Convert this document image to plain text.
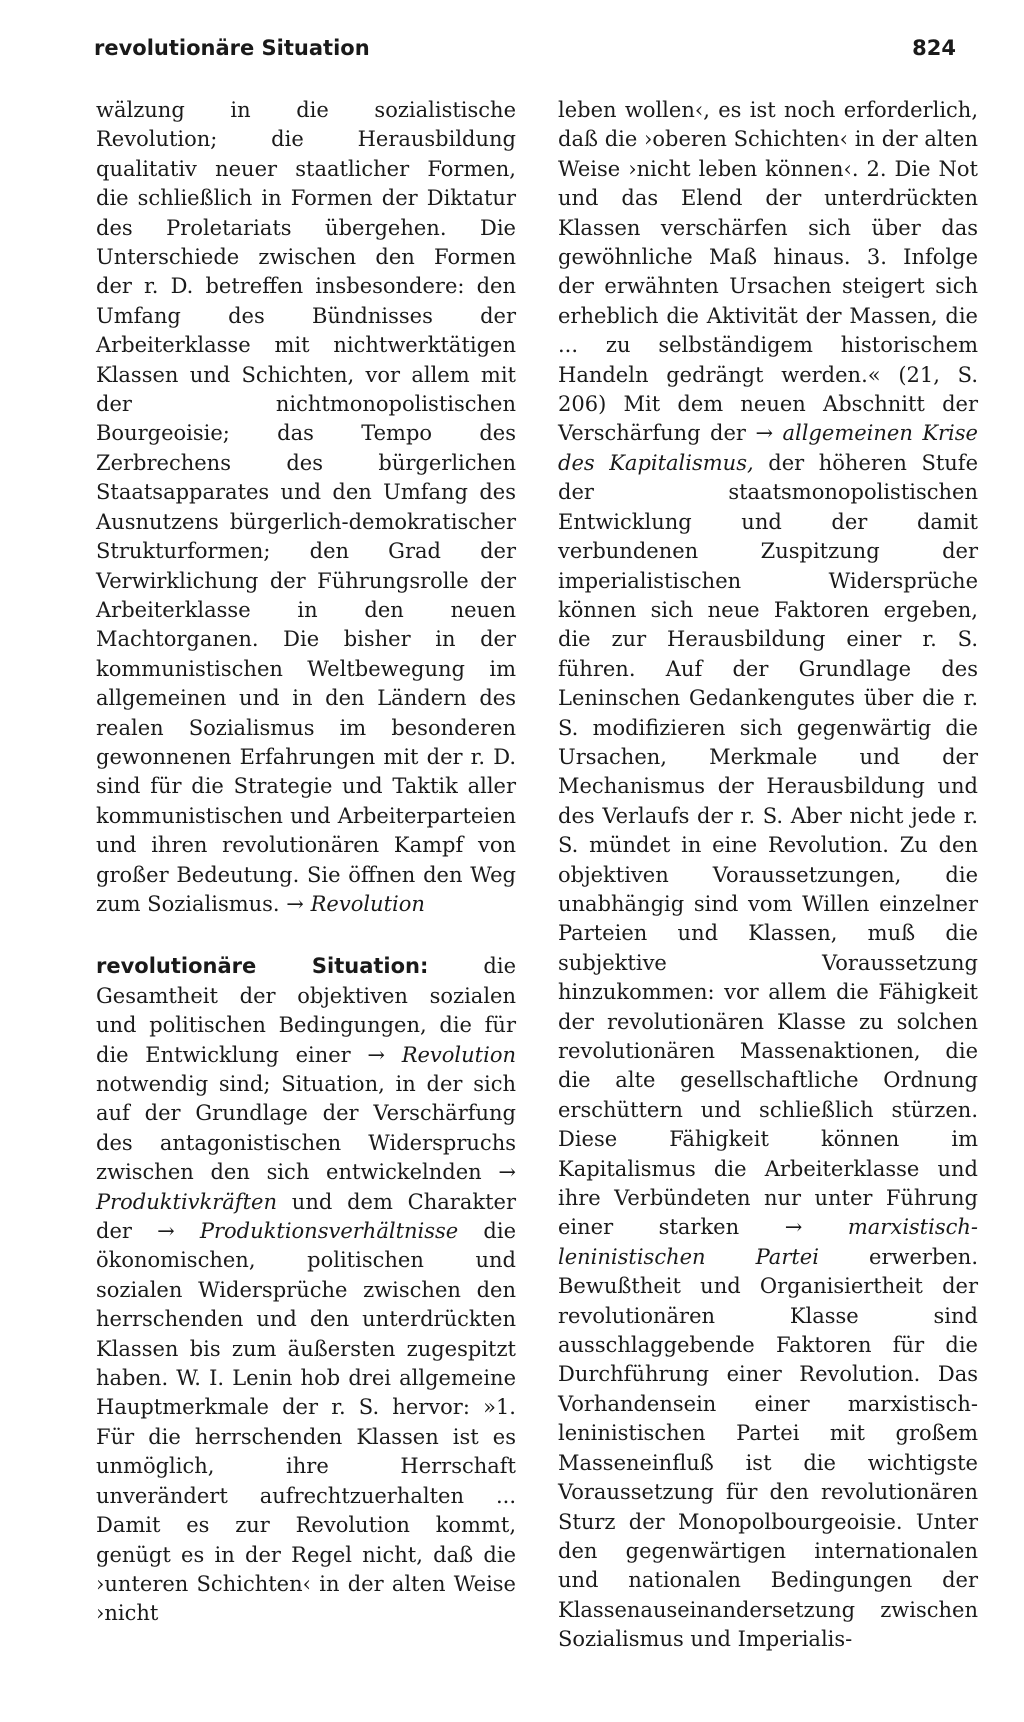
revolutionäre Situation	824

wälzung in die sozialistische Revolution; die Herausbildung qualitativ neuer staatlicher Formen, die schließlich in Formen der Diktatur des Proletariats übergehen. Die Unterschiede zwischen den Formen der r. D. betreffen insbesondere: den Umfang des Bündnisses der Arbeiterklasse mit nichtwerktätigen Klassen und Schichten, vor allem mit der nichtmonopolistischen Bourgeoisie; das Tempo des Zerbrechens des bürgerlichen Staatsapparates und den Umfang des Ausnutzens bürgerlich-demokratischer Strukturformen; den Grad der Verwirklichung der Führungsrolle der Arbeiterklasse in den neuen Machtorganen. Die bisher in der kommunistischen Weltbewegung im allgemeinen und in den Ländern des realen Sozialismus im besonderen gewonnenen Erfahrungen mit der r. D. sind für die Strategie und Taktik aller kommunistischen und Arbeiterparteien und ihren revolutionären Kampf von großer Bedeutung. Sie öffnen den Weg zum Sozialismus. → Revolution

revolutionäre Situation:	die Gesamtheit der objektiven sozialen und politischen Bedingungen, die für die Entwicklung einer → Revolution notwendig sind; Situation, in der sich auf der Grundlage der Verschärfung des antagonistischen Widerspruchs zwischen den sich entwickelnden → Produktivkräften und dem Charakter der → Produktionsverhältnisse die ökonomischen, politischen und sozialen Widersprüche zwischen den herrschenden und den unterdrückten Klassen bis zum äußersten zugespitzt haben. W. I. Lenin hob drei allgemeine Hauptmerkmale der r. S. hervor: »1. Für die herrschenden Klassen ist es unmöglich, ihre Herrschaft unverändert aufrechtzuerhalten ... Damit es zur Revolution kommt, genügt es in der Regel nicht, daß die ›unteren Schichten‹ in der alten Weise ›nicht

leben wollen‹, es ist noch erforderlich, daß die ›oberen Schichten‹ in der alten Weise ›nicht leben können‹. 2. Die Not und das Elend der unterdrückten Klassen verschärfen sich über das gewöhnliche Maß hinaus. 3. Infolge der erwähnten Ursachen steigert sich erheblich die Aktivität der Massen, die ... zu selbständigem historischem Handeln gedrängt werden.« (21, S. 206) Mit dem neuen Abschnitt der Verschärfung der → allgemeinen Krise des Kapitalismus, der höheren Stufe der staatsmonopolistischen Entwicklung und der damit verbundenen Zuspitzung der imperialistischen Widersprüche können sich neue Faktoren ergeben, die zur Herausbildung einer r. S. führen. Auf der Grundlage des Leninschen Gedankengutes über die r. S. modifizieren sich gegenwärtig die Ursachen, Merkmale und der Mechanismus der Herausbildung und des Verlaufs der r. S. Aber nicht jede r. S. mündet in eine Revolution. Zu den objektiven Voraussetzungen, die unabhängig sind vom Willen einzelner Parteien und Klassen, muß die subjektive Voraussetzung hinzukommen: vor allem die Fähigkeit der revolutionären Klasse zu solchen revolutionären Massenaktionen, die die alte gesellschaftliche Ordnung erschüttern und schließlich stürzen. Diese Fähigkeit können im Kapitalismus die Arbeiterklasse und ihre Verbündeten nur unter Führung einer starken → marxistisch-leninistischen Partei erwerben. Bewußtheit und Organisiertheit der revolutionären Klasse sind ausschlaggebende Faktoren für die Durchführung einer Revolution. Das Vorhandensein einer marxistisch-leninistischen Partei mit großem Masseneinfluß ist die wichtigste Voraussetzung für den revolutionären Sturz der Monopolbourgeoisie. Unter den gegenwärtigen internationalen und nationalen Bedingungen der Klassenauseinandersetzung zwischen Sozialismus und Imperialis-
